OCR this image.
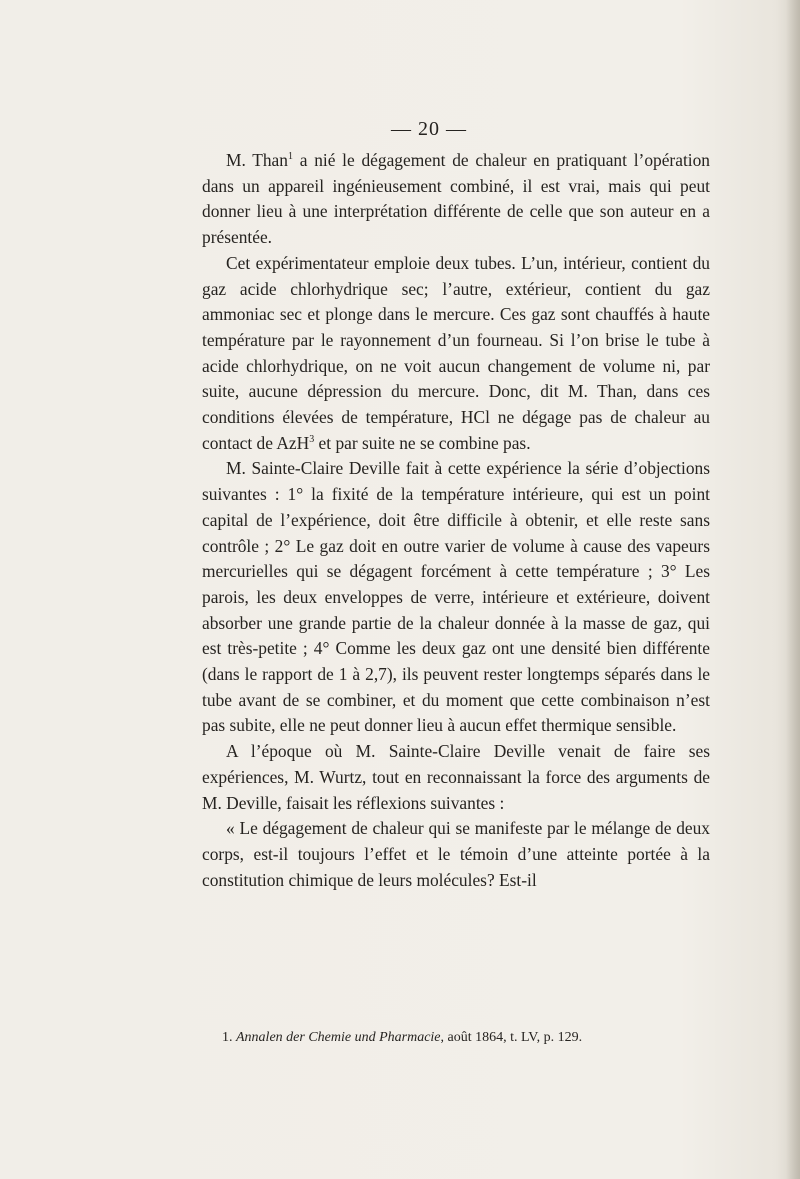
— 20 —

M. Than$^1$ a nié le dégagement de chaleur en pratiquant l’opération dans un appareil ingénieusement combiné, il est vrai, mais qui peut donner lieu à une interprétation différente de celle que son auteur en a présentée.

Cet expérimentateur emploie deux tubes. L’un, intérieur, contient du gaz acide chlorhydrique sec; l’autre, extérieur, contient du gaz ammoniac sec et plonge dans le mercure. Ces gaz sont chauffés à haute température par le rayonnement d’un fourneau. Si l’on brise le tube à acide chlorhydrique, on ne voit aucun changement de volume ni, par suite, aucune dépression du mercure. Donc, dit M. Than, dans ces conditions élevées de température, HCl ne dégage pas de chaleur au contact de AzH$^3$ et par suite ne se combine pas.

M. Sainte-Claire Deville fait à cette expérience la série d’objections suivantes : 1° la fixité de la température intérieure, qui est un point capital de l’expérience, doit être difficile à obtenir, et elle reste sans contrôle ; 2° Le gaz doit en outre varier de volume à cause des vapeurs mercurielles qui se dégagent forcément à cette température ; 3° Les parois, les deux enveloppes de verre, intérieure et extérieure, doivent absorber une grande partie de la chaleur donnée à la masse de gaz, qui est très-petite ; 4° Comme les deux gaz ont une densité bien différente (dans le rapport de 1 à 2,7), ils peuvent rester longtemps séparés dans le tube avant de se combiner, et du moment que cette combinaison n’est pas subite, elle ne peut donner lieu à aucun effet thermique sensible.

A l’époque où M. Sainte-Claire Deville venait de faire ses expériences, M. Wurtz, tout en reconnaissant la force des arguments de M. Deville, faisait les réflexions suivantes :

« Le dégagement de chaleur qui se manifeste par le mélange de deux corps, est-il toujours l’effet et le témoin d’une atteinte portée à la constitution chimique de leurs molécules? Est-il

1. Annalen der Chemie und Pharmacie, août 1864, t. LV, p. 129.
